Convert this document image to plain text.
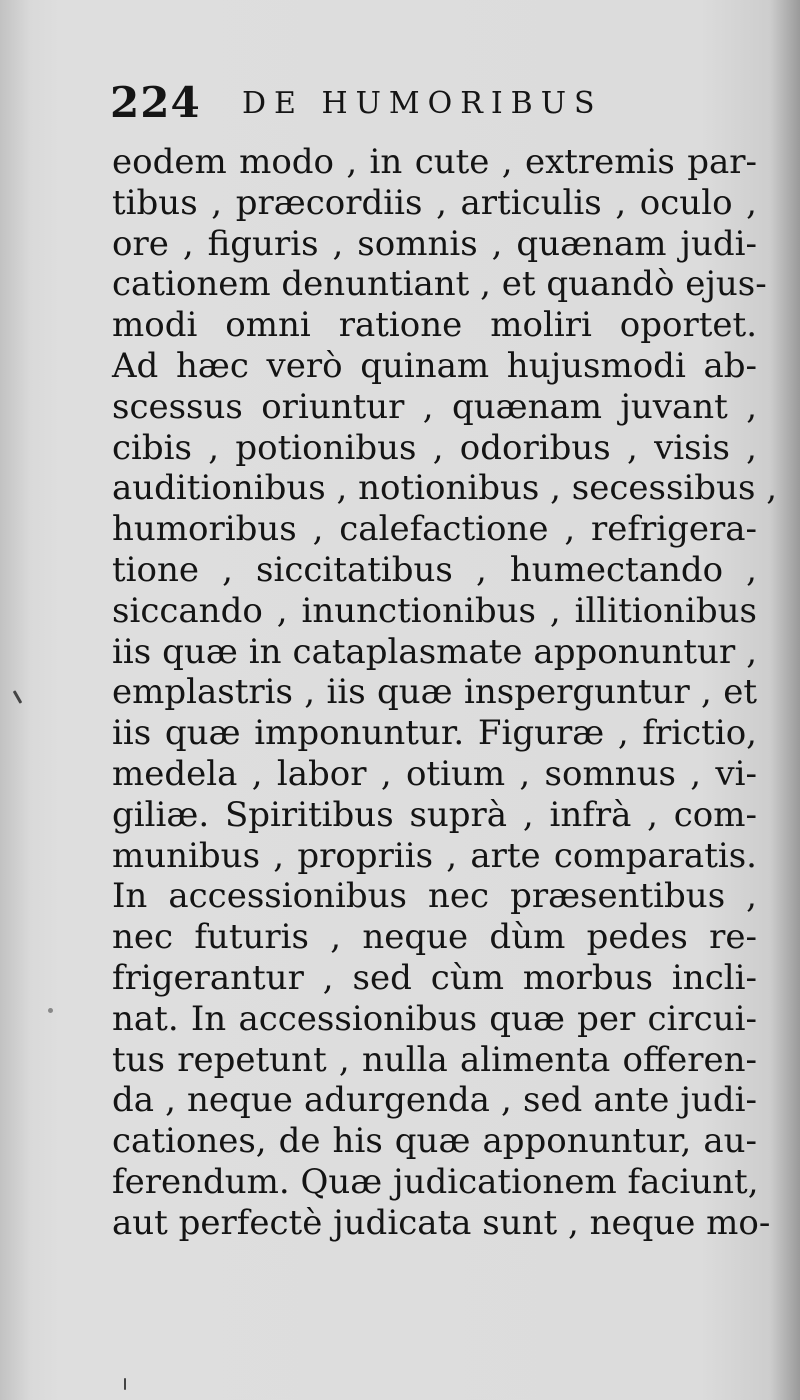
224 DE HUMORIBUS
eodem modo , in cute , extremis par-
tibus , præcordiis , articulis , oculo ,
ore , figuris , somnis , quænam judi-
cationem denuntiant , et quandò ejus-
modi omni ratione moliri oportet.
Ad hæc verò quinam hujusmodi ab-
scessus oriuntur , quænam juvant ,
cibis , potionibus , odoribus , visis ,
auditionibus , notionibus , secessibus ,
humoribus , calefactione , refrigera-
tione , siccitatibus , humectando ,
siccando , inunctionibus , illitionibus
iis quæ in cataplasmate apponuntur ,
emplastris , iis quæ insperguntur , et
iis quæ imponuntur. Figuræ , frictio,
medela , labor , otium , somnus , vi-
giliæ. Spiritibus suprà , infrà , com-
munibus , propriis , arte comparatis.
In accessionibus nec præsentibus ,
nec futuris , neque dùm pedes re-
frigerantur , sed cùm morbus incli-
nat. In accessionibus quæ per circui-
tus repetunt , nulla alimenta offeren-
da , neque adurgenda , sed ante judi-
cationes, de his quæ apponuntur, au-
ferendum. Quæ judicationem faciunt,
aut perfectè judicata sunt , neque mo-
